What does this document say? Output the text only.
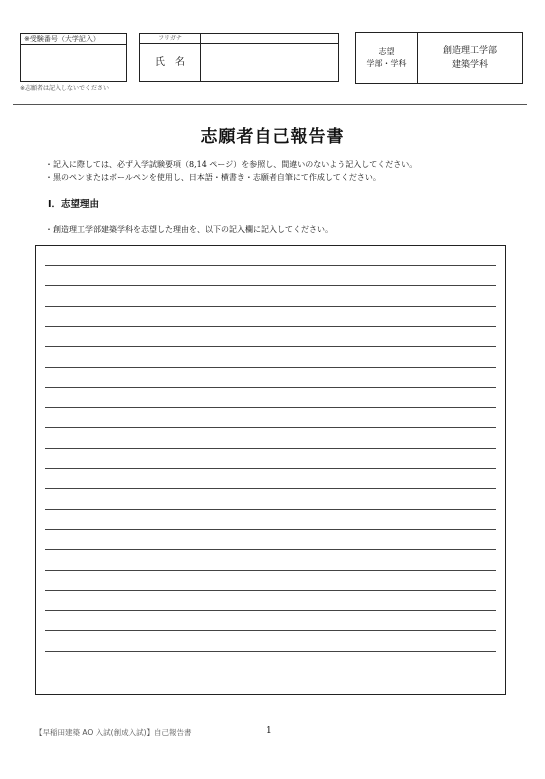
※受験番号（大学記入）
※志願者は記入しないでください
フリガナ
氏　名
志望
学部・学科
創造理工学部
建築学科
志願者自己報告書
・記入に際しては、必ず入学試験要項（8,14 ページ）を参照し、間違いのないよう記入してください。
・黒のペンまたはボールペンを使用し、日本語・横書き・志願者自筆にて作成してください。
Ⅰ．志望理由
・創造理工学部建築学科を志望した理由を、以下の記入欄に記入してください。
【早稲田建築 AO 入試(創成入試)】自己報告書	1
